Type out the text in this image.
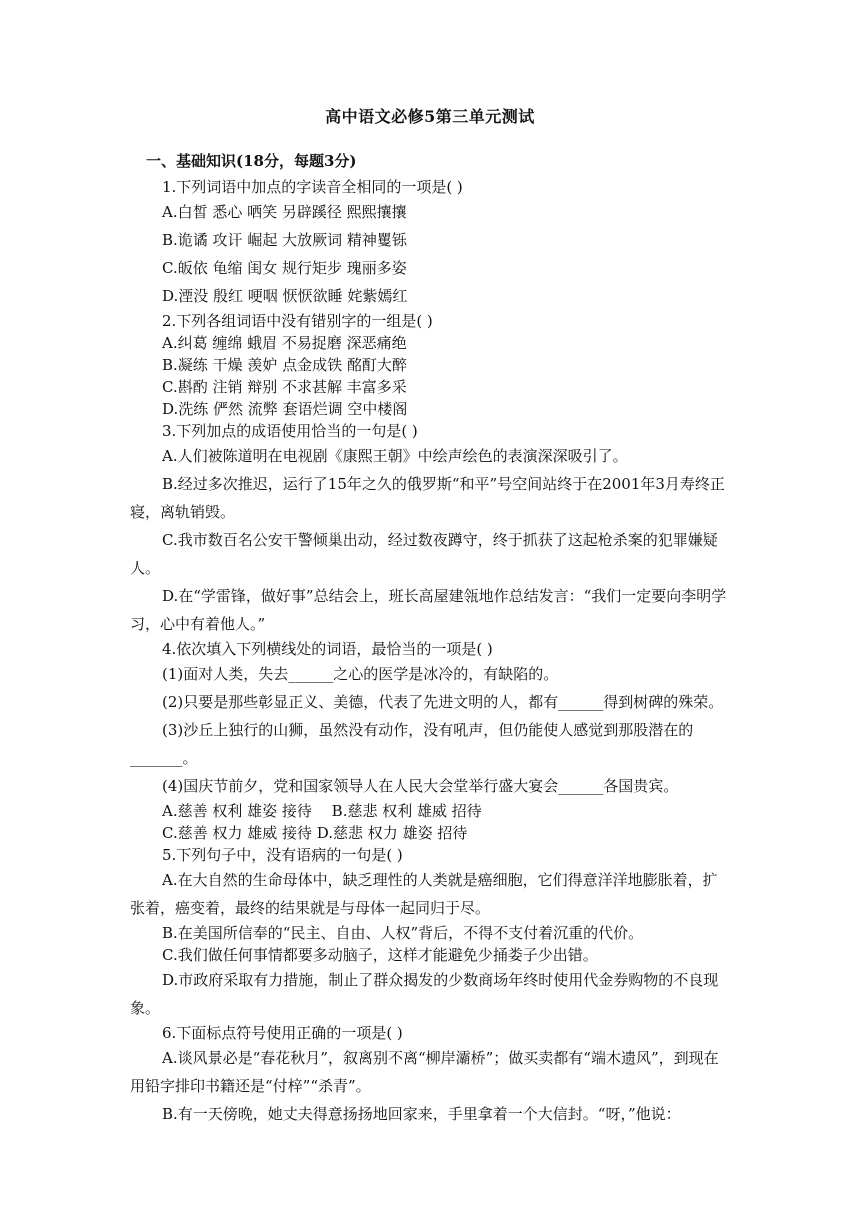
高中语文必修5第三单元测试
一、基础知识(18分，每题3分)

1.下列词语中加点的字读音全相同的一项是( )

A.白皙 悉心 哂笑 另辟蹊径 熙熙攘攘

B.诡谲 攻讦 崛起 大放厥词 精神矍铄

C.皈依 龟缩 闺女 规行矩步 瑰丽多姿

D.湮没 殷红 哽咽 恹恹欲睡 姹紫嫣红

2.下列各组词语中没有错别字的一组是( )

A.纠葛 缠绵 蛾眉 不易捉磨 深恶痛绝

B.凝练 干燥 羡妒 点金成铁 酩酊大醉

C.斟酌 注销 辩别 不求甚解 丰富多采

D.洗练 俨然 流弊 套语烂调 空中楼阁

3.下列加点的成语使用恰当的一句是( )

A.人们被陈道明在电视剧《康熙王朝》中绘声绘色的表演深深吸引了。

B.经过多次推迟，运行了15年之久的俄罗斯“和平”号空间站终于在2001年3月寿终正寝，离轨销毁。

C.我市数百名公安干警倾巢出动，经过数夜蹲守，终于抓获了这起枪杀案的犯罪嫌疑人。

D.在“学雷锋，做好事”总结会上，班长高屋建瓴地作总结发言：“我们一定要向李明学习，心中有着他人。”

4.依次填入下列横线处的词语，最恰当的一项是( )

(1)面对人类，失去______之心的医学是冰冷的，有缺陷的。

(2)只要是那些彰显正义、美德，代表了先进文明的人，都有______得到树碑的殊荣。

(3)沙丘上独行的山狮，虽然没有动作，没有吼声，但仍能使人感觉到那股潜在的_______。

(4)国庆节前夕，党和国家领导人在人民大会堂举行盛大宴会______各国贵宾。

A.慈善 权利 雄姿 接待　 B.慈悲 权利 雄威 招待

C.慈善 权力 雄威 接待 D.慈悲 权力 雄姿 招待

5.下列句子中，没有语病的一句是( )

A.在大自然的生命母体中，缺乏理性的人类就是癌细胞，它们得意洋洋地膨胀着，扩张着，癌变着，最终的结果就是与母体一起同归于尽。

B.在美国所信奉的“民主、自由、人权”背后，不得不支付着沉重的代价。

C.我们做任何事情都要多动脑子，这样才能避免少捅娄子少出错。

D.市政府采取有力措施，制止了群众揭发的少数商场年终时使用代金券购物的不良现象。

6.下面标点符号使用正确的一项是( )

A.谈风景必是“春花秋月”，叙离别不离“柳岸灞桥”；做买卖都有“端木遗风”，到现在用铅字排印书籍还是“付梓”“杀青”。

B.有一天傍晚，她丈夫得意扬扬地回家来，手里拿着一个大信封。“呀，”他说：
